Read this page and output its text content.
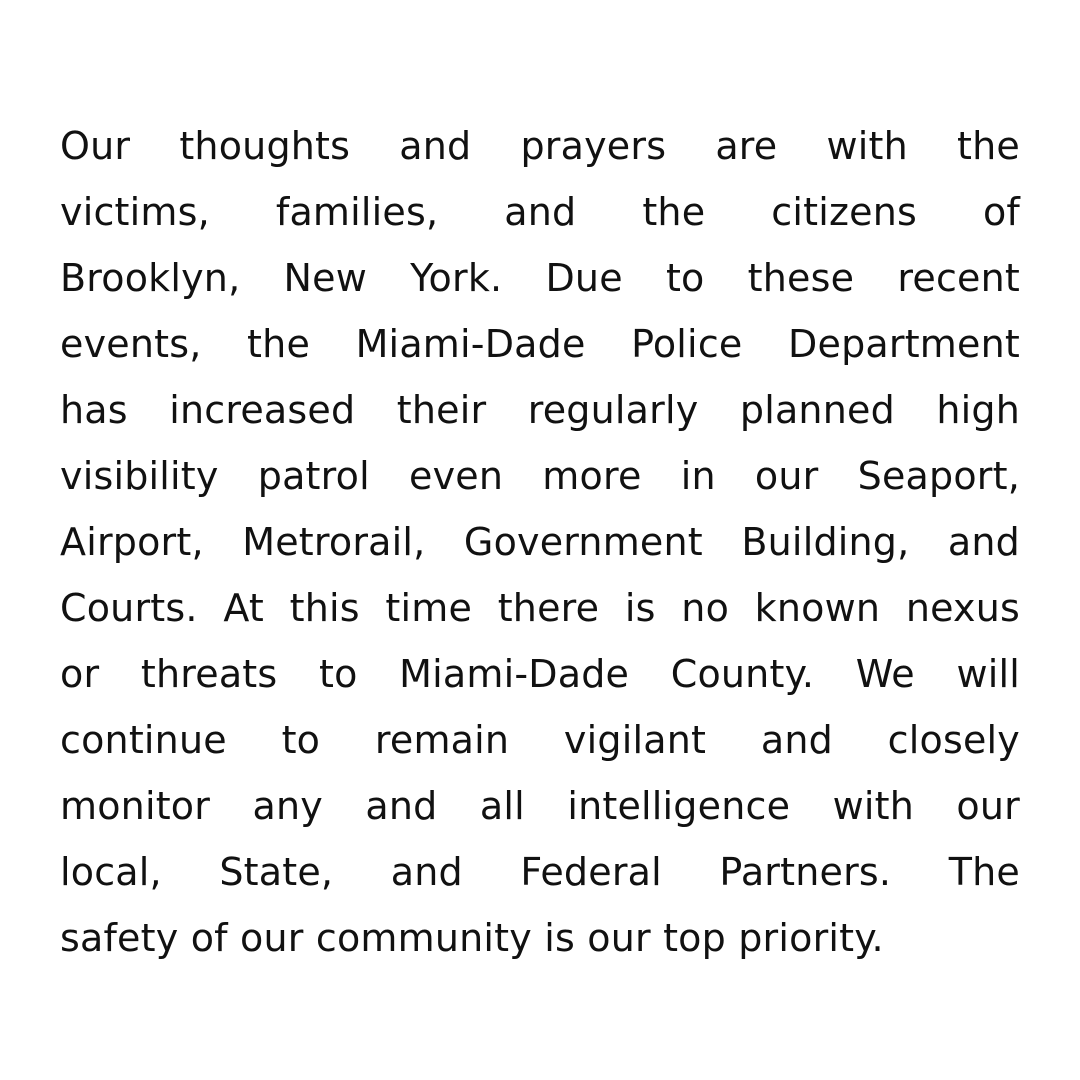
Our thoughts and prayers are with the
victims, families, and the citizens of
Brooklyn, New York. Due to these recent
events, the Miami-Dade Police Department
has increased their regularly planned high
visibility patrol even more in our Seaport,
Airport, Metrorail, Government Building, and
Courts. At this time there is no known nexus
or threats to Miami-Dade County. We will
continue to remain vigilant and closely
monitor any and all intelligence with our
local, State, and Federal Partners. The
safety of our community is our top priority.
